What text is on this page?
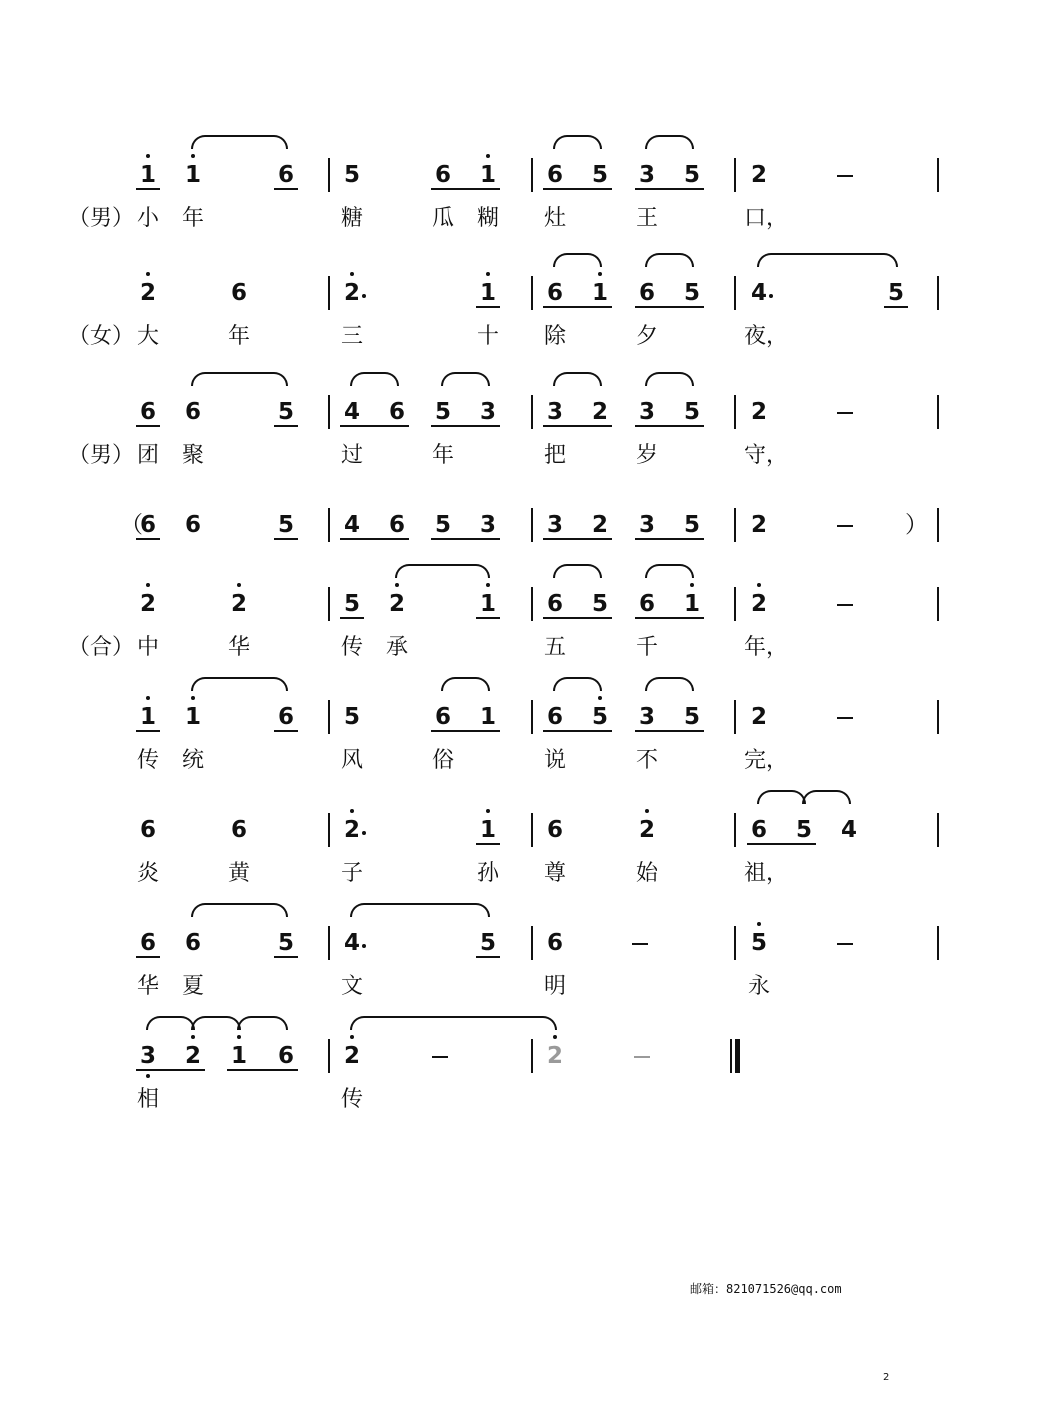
（男）
1	1	6	5	6	1	6	5	3	5	2
小 年	糖	瓜 糊 灶	王	口，
（女）
2	6	2	1	6	1	6	5	4	5
大	年	三	十 除	夕	夜，
（男）
6	6	5	4	6	5	3	3	2	3	5	2
团 聚	过	年	把	岁	守，
（	）
6	6	5	4	6	5	3	3	2	3	5	2
（合）
2	2	5	2	1	6	5	6	1	2
中	华	传 承	五	千	年，
1	1	6	5	6	1	6	5	3	5	2
传 统	风	俗	说	不	完，
6	6	2	1	6	2	6	5	4
炎	黄	子	孙 尊	始	祖，
6	6	5	4	5	6	5
华 夏	文	明	永
3	2	1	6	2	2
相	传
邮箱：821071526@qq.com
2
